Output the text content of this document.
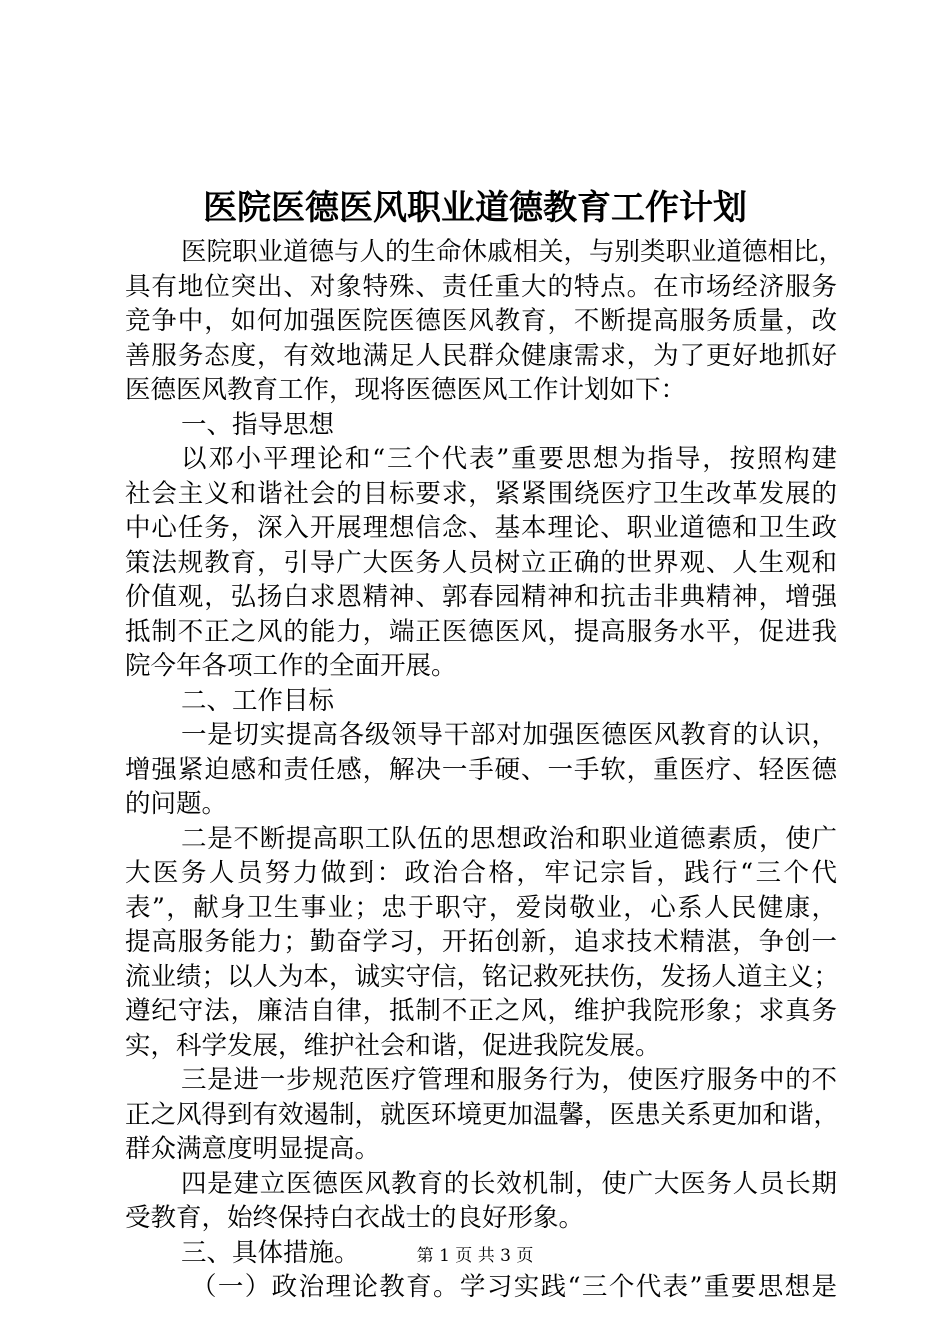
医院医德医风职业道德教育工作计划
医院职业道德与人的生命休戚相关，与别类职业道德相比，
具有地位突出、对象特殊、责任重大的特点。在市场经济服务
竞争中，如何加强医院医德医风教育，不断提高服务质量，改
善服务态度，有效地满足人民群众健康需求，为了更好地抓好
医德医风教育工作，现将医德医风工作计划如下：
一、指导思想
以邓小平理论和“三个代表”重要思想为指导，按照构建
社会主义和谐社会的目标要求，紧紧围绕医疗卫生改革发展的
中心任务，深入开展理想信念、基本理论、职业道德和卫生政
策法规教育，引导广大医务人员树立正确的世界观、人生观和
价值观，弘扬白求恩精神、郭春园精神和抗击非典精神，增强
抵制不正之风的能力，端正医德医风，提高服务水平，促进我
院今年各项工作的全面开展。
二、工作目标
一是切实提高各级领导干部对加强医德医风教育的认识，
增强紧迫感和责任感，解决一手硬、一手软，重医疗、轻医德
的问题。
二是不断提高职工队伍的思想政治和职业道德素质，使广
大医务人员努力做到：政治合格，牢记宗旨，践行“三个代
表”，献身卫生事业；忠于职守，爱岗敬业，心系人民健康，
提高服务能力；勤奋学习，开拓创新，追求技术精湛，争创一
流业绩；以人为本，诚实守信，铭记救死扶伤，发扬人道主义；
遵纪守法，廉洁自律，抵制不正之风，维护我院形象；求真务
实，科学发展，维护社会和谐，促进我院发展。
三是进一步规范医疗管理和服务行为，使医疗服务中的不
正之风得到有效遏制，就医环境更加温馨，医患关系更加和谐，
群众满意度明显提高。
四是建立医德医风教育的长效机制，使广大医务人员长期
受教育，始终保持白衣战士的良好形象。
三、具体措施。
（一）政治理论教育。学习实践“三个代表”重要思想是
第 1 页 共 3 页
